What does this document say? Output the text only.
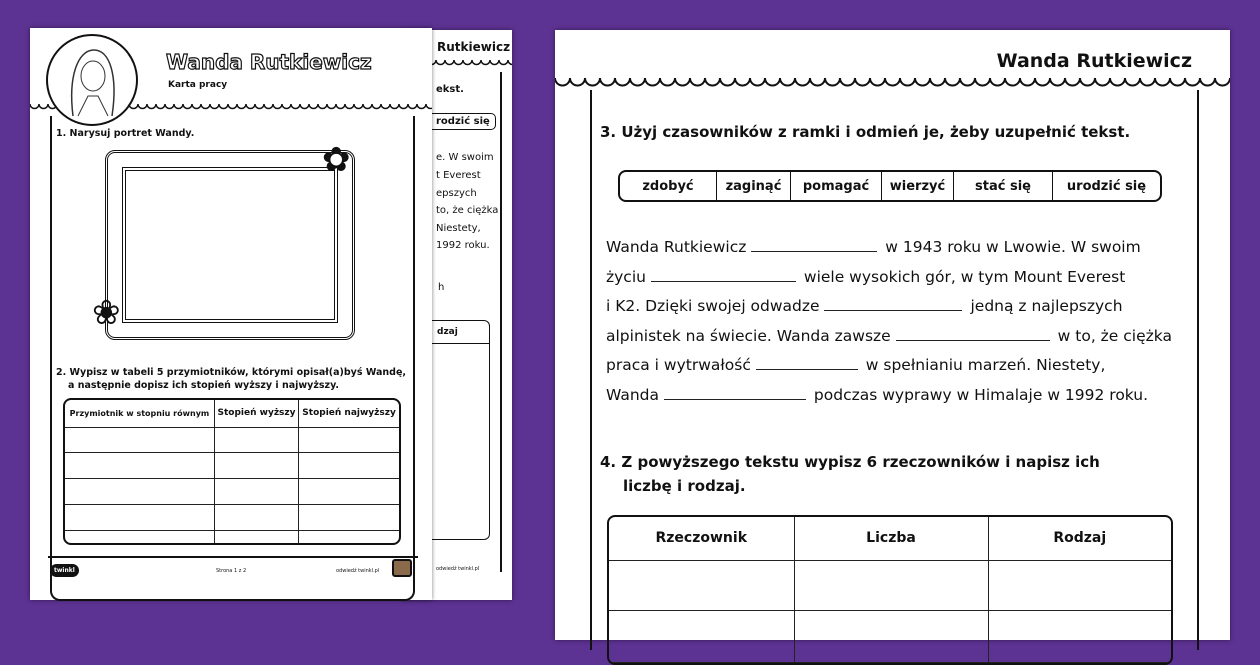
Rutkiewicz
ekst.
rodzić się
e. W swoim
t Everest
epszych
to, że ciężka
Niestety,
1992 roku.
h
dzaj
odwiedź twinkl.pl
Wanda Rutkiewicz
Karta pracy
1. Narysuj portret Wandy.
✿
❀
2. Wypisz w tabeli 5 przymiotników, którymi opisał(a)byś Wandę,
a następnie dopisz ich stopień wyższy i najwyższy.
Przymiotnik w stopniu równym	Stopień wyższy	Stopień najwyższy

twinkl	Strona 1 z 2	odwiedź twinkl.pl
Wanda Rutkiewicz
3. Użyj czasowników z ramki i odmień je, żeby uzupełnić tekst.
zdobyć	zaginąć	pomagać	wierzyć	stać się	urodzić się
Wanda Rutkiewicz	w 1943 roku w Lwowie. W swoim
życiu	wiele wysokich gór, w tym Mount Everest
i K2. Dzięki swojej odwadze	jedną z najlepszych
alpinistek na świecie. Wanda zawsze	w to, że ciężka
praca i wytrwałość	w spełnianiu marzeń. Niestety,
Wanda	podczas wyprawy w Himalaje w 1992 roku.
4. Z powyższego tekstu wypisz 6 rzeczowników i napisz ich
liczbę i rodzaj.
Rzeczownik	Liczba	Rodzaj
